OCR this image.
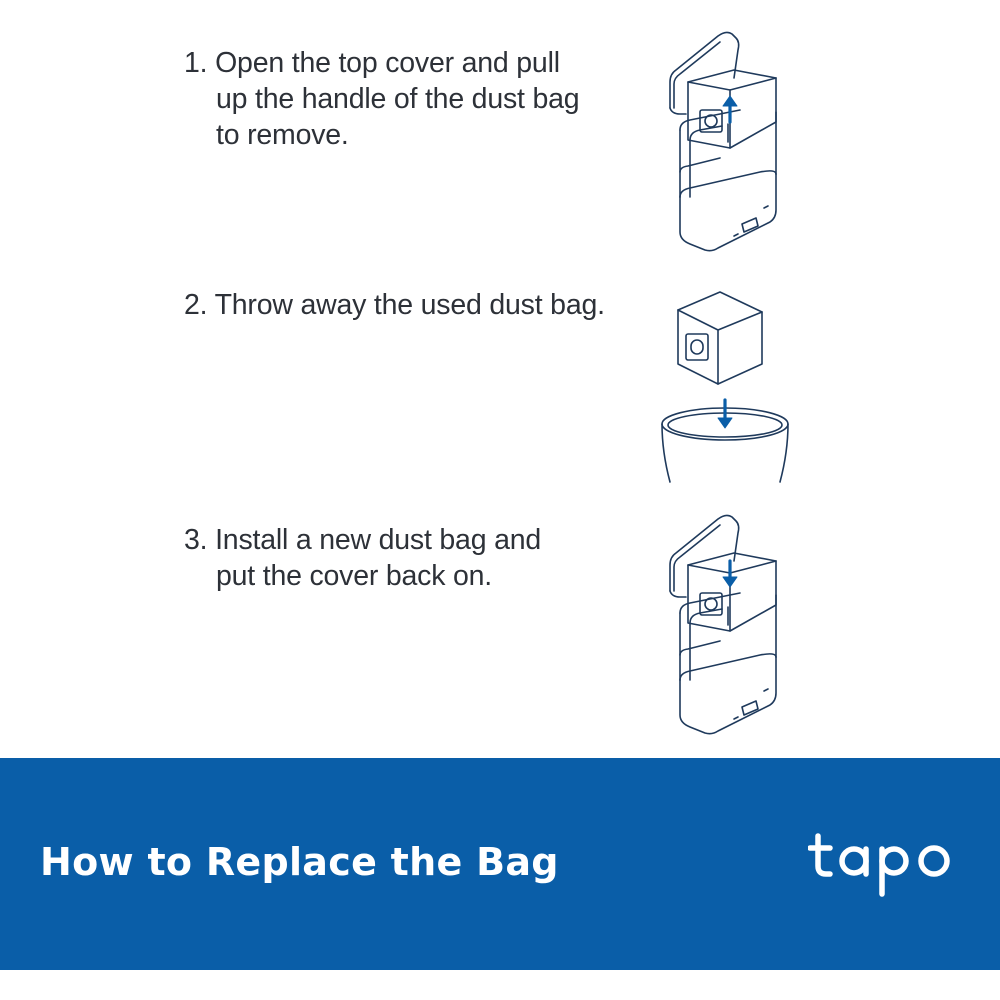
1. Open the top cover and pull
up the handle of the dust bag
to remove.
2. Throw away the used dust bag.
3. Install a new dust bag and
put the cover back on.
How to Replace the Bag
